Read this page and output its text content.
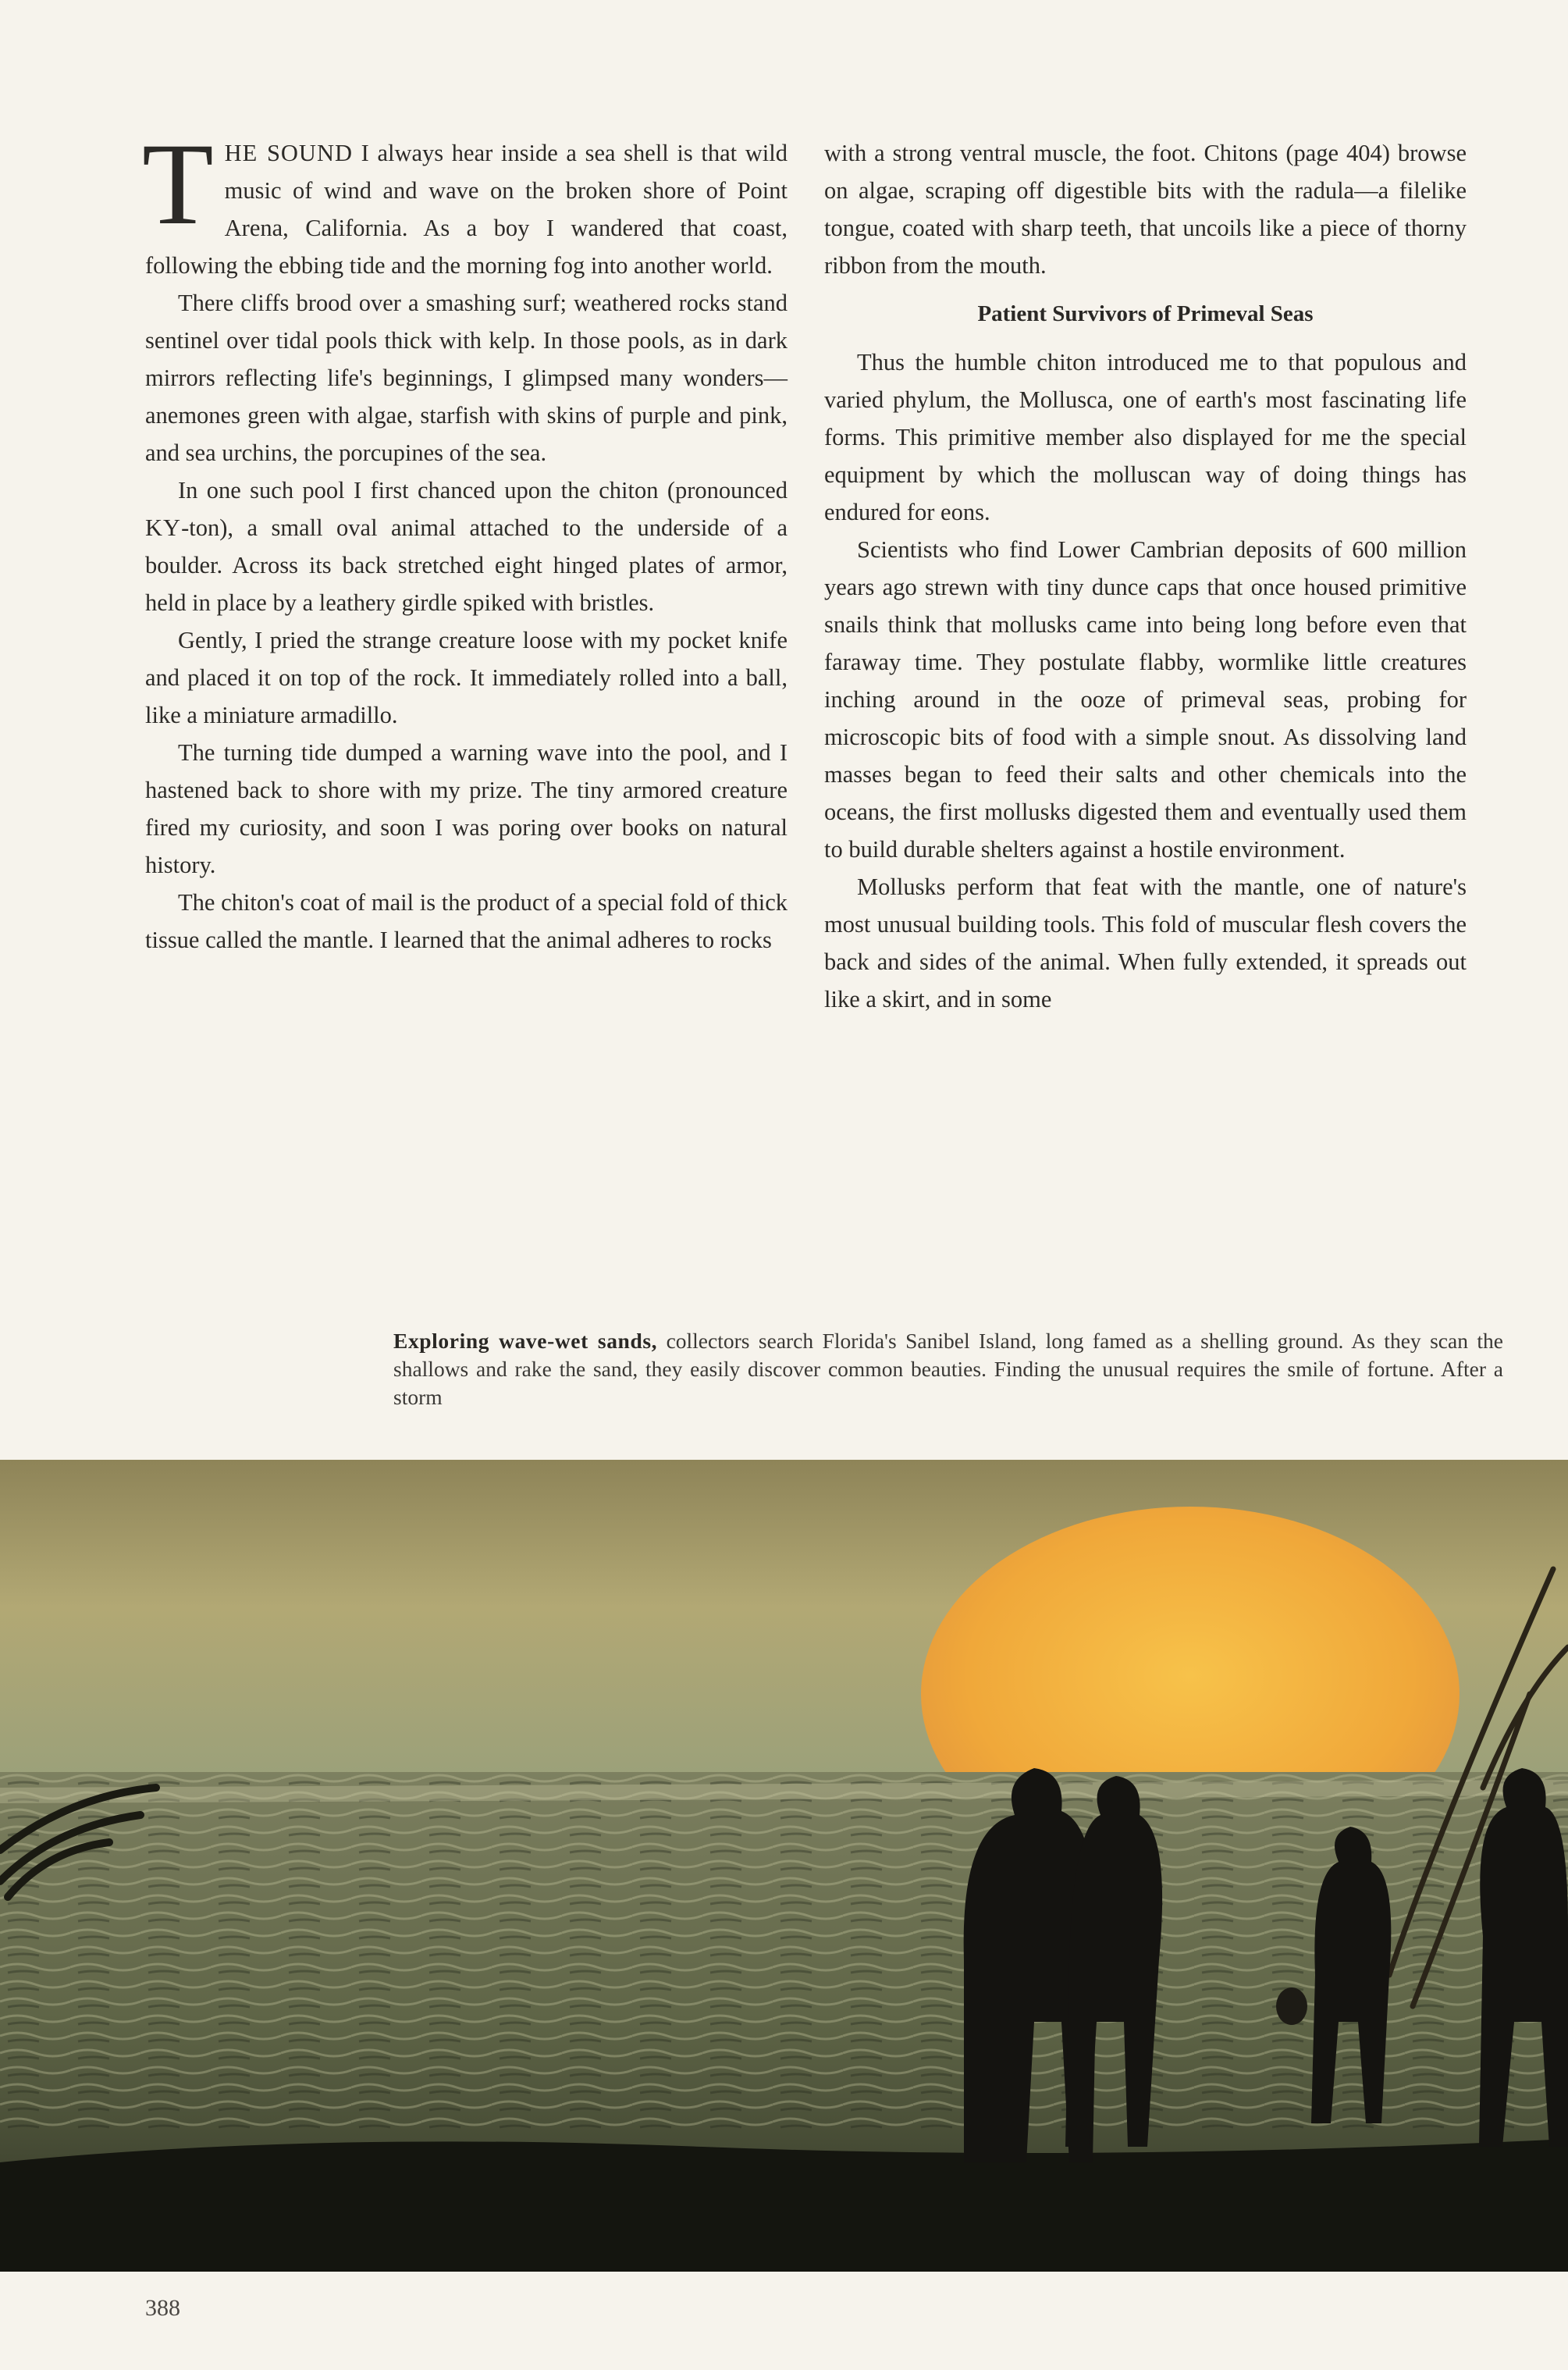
THE SOUND I always hear inside a sea shell is that wild music of wind and wave on the broken shore of Point Arena, California. As a boy I wandered that coast, following the ebbing tide and the morning fog into another world.

There cliffs brood over a smashing surf; weathered rocks stand sentinel over tidal pools thick with kelp. In those pools, as in dark mirrors reflecting life's beginnings, I glimpsed many wonders—anemones green with algae, starfish with skins of purple and pink, and sea urchins, the porcupines of the sea.

In one such pool I first chanced upon the chiton (pronounced KY-ton), a small oval animal attached to the underside of a boulder. Across its back stretched eight hinged plates of armor, held in place by a leathery girdle spiked with bristles.

Gently, I pried the strange creature loose with my pocket knife and placed it on top of the rock. It immediately rolled into a ball, like a miniature armadillo.

The turning tide dumped a warning wave into the pool, and I hastened back to shore with my prize. The tiny armored creature fired my curiosity, and soon I was poring over books on natural history.

The chiton's coat of mail is the product of a special fold of thick tissue called the mantle. I learned that the animal adheres to rocks

with a strong ventral muscle, the foot. Chitons (page 404) browse on algae, scraping off digestible bits with the radula—a filelike tongue, coated with sharp teeth, that uncoils like a piece of thorny ribbon from the mouth.

Patient Survivors of Primeval Seas

Thus the humble chiton introduced me to that populous and varied phylum, the Mollusca, one of earth's most fascinating life forms. This primitive member also displayed for me the special equipment by which the molluscan way of doing things has endured for eons.

Scientists who find Lower Cambrian deposits of 600 million years ago strewn with tiny dunce caps that once housed primitive snails think that mollusks came into being long before even that faraway time. They postulate flabby, wormlike little creatures inching around in the ooze of primeval seas, probing for microscopic bits of food with a simple snout. As dissolving land masses began to feed their salts and other chemicals into the oceans, the first mollusks digested them and eventually used them to build durable shelters against a hostile environment.

Mollusks perform that feat with the mantle, one of nature's most unusual building tools. This fold of muscular flesh covers the back and sides of the animal. When fully extended, it spreads out like a skirt, and in some

Exploring wave-wet sands, collectors search Florida's Sanibel Island, long famed as a shelling ground. As they scan the shallows and rake the sand, they easily discover common beauties. Finding the unusual requires the smile of fortune. After a storm
388
